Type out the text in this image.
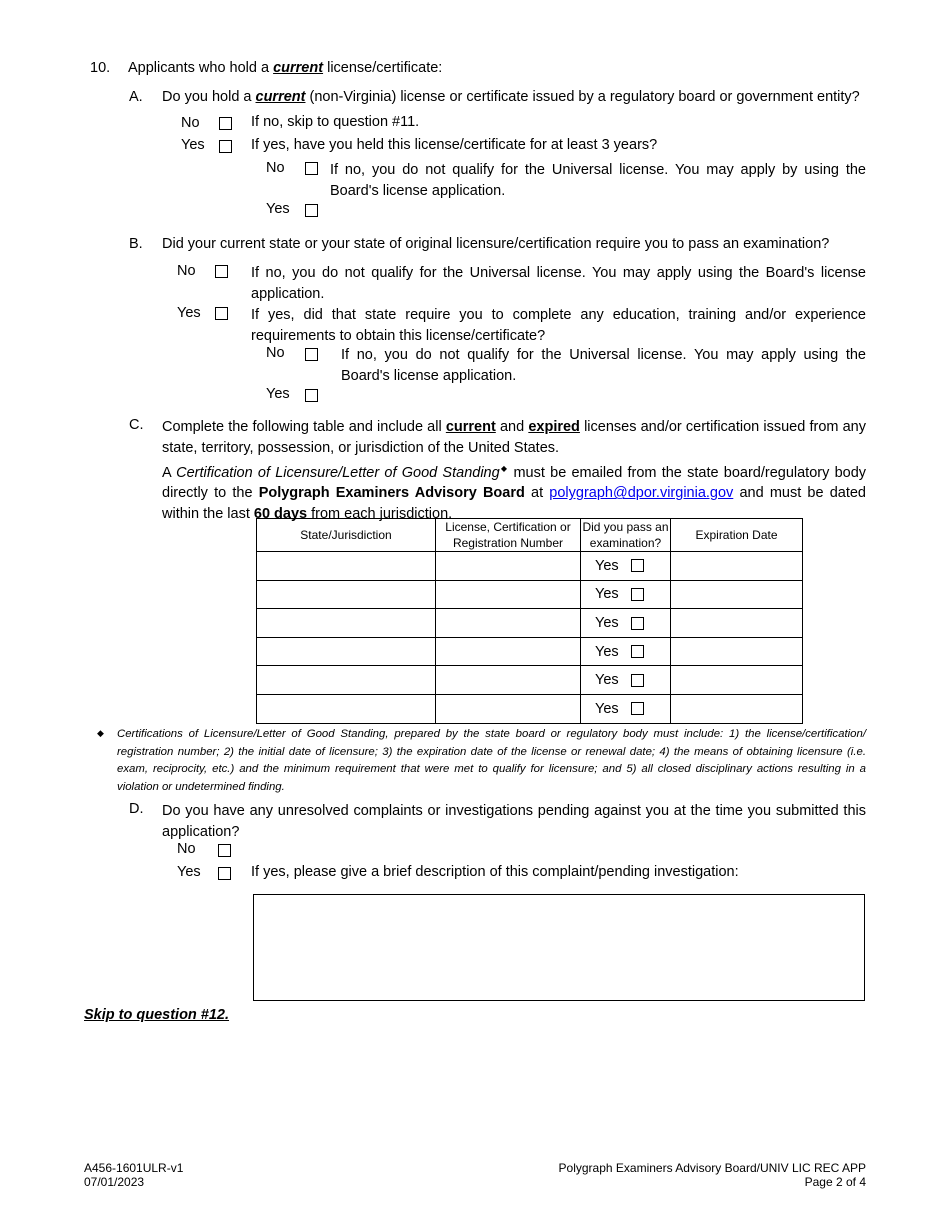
10. Applicants who hold a current license/certificate:
A. Do you hold a current (non-Virginia) license or certificate issued by a regulatory board or government entity?
No	If no, skip to question #11.
Yes	If yes, have you held this license/certificate for at least 3 years?
No	If no, you do not qualify for the Universal license. You may apply by using the Board's license application.
Yes
B. Did your current state or your state of original licensure/certification require you to pass an examination?
No	If no, you do not qualify for the Universal license. You may apply using the Board's license application.
Yes	If yes, did that state require you to complete any education, training and/or experience requirements to obtain this license/certificate?
No	If no, you do not qualify for the Universal license. You may apply using the Board's license application.
Yes
C. Complete the following table and include all current and expired licenses and/or certification issued from any state, territory, possession, or jurisdiction of the United States.
A Certification of Licensure/Letter of Good Standing◆ must be emailed from the state board/regulatory body directly to the Polygraph Examiners Advisory Board at polygraph@dpor.virginia.gov and must be dated within the last 60 days from each jurisdiction.
State/Jurisdiction	License, Certification or Registration Number	Did you pass an examination?	Expiration Date
		Yes	
		Yes	
		Yes	
		Yes	
		Yes	
		Yes	
◆ Certifications of Licensure/Letter of Good Standing, prepared by the state board or regulatory body must include: 1) the license/certification/ registration number; 2) the initial date of licensure; 3) the expiration date of the license or renewal date; 4) the means of obtaining licensure (i.e. exam, reciprocity, etc.) and the minimum requirement that were met to qualify for licensure; and 5) all closed disciplinary actions resulting in a violation or undetermined finding.
D. Do you have any unresolved complaints or investigations pending against you at the time you submitted this application?
No
Yes	If yes, please give a brief description of this complaint/pending investigation:
Skip to question #12.
A456-1601ULR-v1
07/01/2023
Polygraph Examiners Advisory Board/UNIV LIC REC APP
Page 2 of 4
